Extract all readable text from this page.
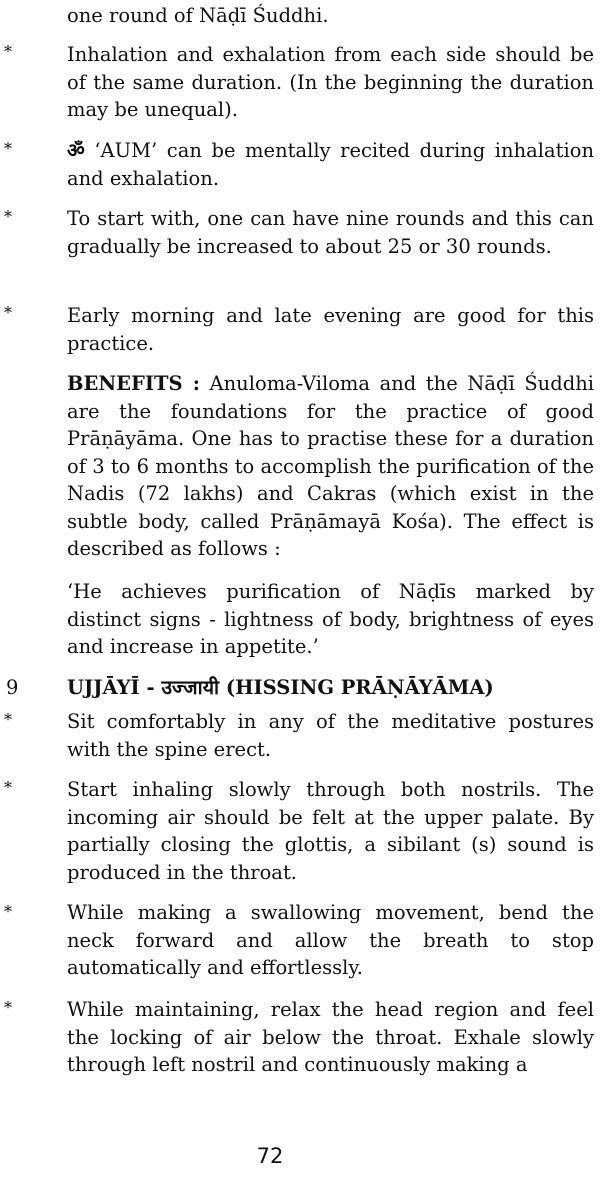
one round of Nāḍī Śuddhi.
*	Inhalation and exhalation from each side should be of the same duration. (In the beginning the duration may be unequal).
*	ॐ ‘AUM’ can be mentally recited during inhalation and exhalation.
*	To start with, one can have nine rounds and this can gradually be increased to about 25 or 30 rounds.
*	Early morning and late evening are good for this practice.
BENEFITS : Anuloma-Viloma and the Nāḍī Śuddhi are the foundations for the practice of good Prāṇāyāma. One has to practise these for a duration of 3 to 6 months to accomplish the purification of the Nadis (72 lakhs) and Cakras (which exist in the subtle body, called Prāṇāmayā Kośa). The effect is described as follows :
‘He achieves purification of Nāḍīs marked by distinct signs - lightness of body, brightness of eyes and increase in appetite.’
9 UJJĀYĪ - उज्जायी (HISSING PRĀṆĀYĀMA)
*	Sit comfortably in any of the meditative postures with the spine erect.
*	Start inhaling slowly through both nostrils. The incoming air should be felt at the upper palate. By partially closing the glottis, a sibilant (s) sound is produced in the throat.
*	While making a swallowing movement, bend the neck forward and allow the breath to stop automatically and effortlessly.
*	While maintaining, relax the head region and feel the locking of air below the throat. Exhale slowly through left nostril and continuously making a
72
